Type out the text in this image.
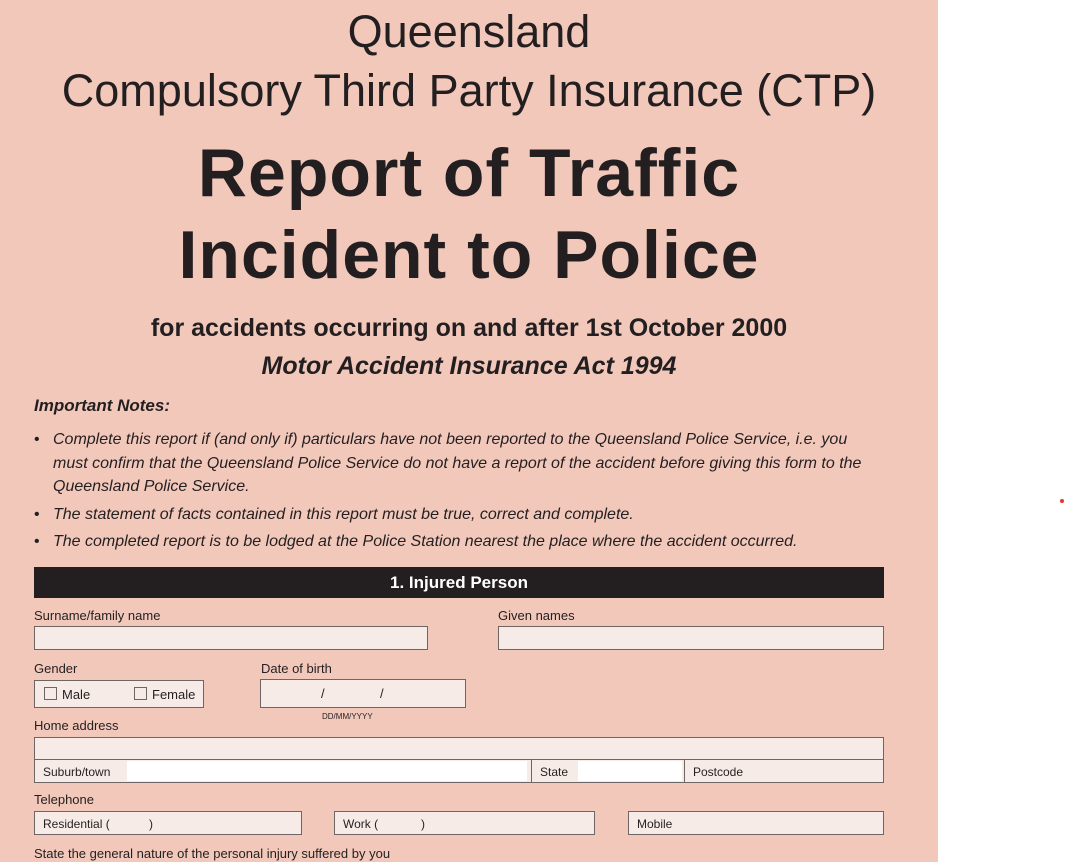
Queensland
Compulsory Third Party Insurance (CTP)
Report of Traffic
Incident to Police
for accidents occurring on and after 1st October 2000
Motor Accident Insurance Act 1994
Important Notes:
• Complete this report if (and only if) particulars have not been reported to the Queensland Police Service, i.e. you must confirm that the Queensland Police Service do not have a report of the accident before giving this form to the Queensland Police Service.
• The statement of facts contained in this report must be true, correct and complete.
• The completed report is to be lodged at the Police Station nearest the place where the accident occurred.
1. Injured Person
Surname/family name	Given names
Gender
Male	Female
Date of birth
/	/
DD/MM/YYYY
Home address
Suburb/town	State	Postcode
Telephone
Residential (	)	Work (	)	Mobile
State the general nature of the personal injury suffered by you
